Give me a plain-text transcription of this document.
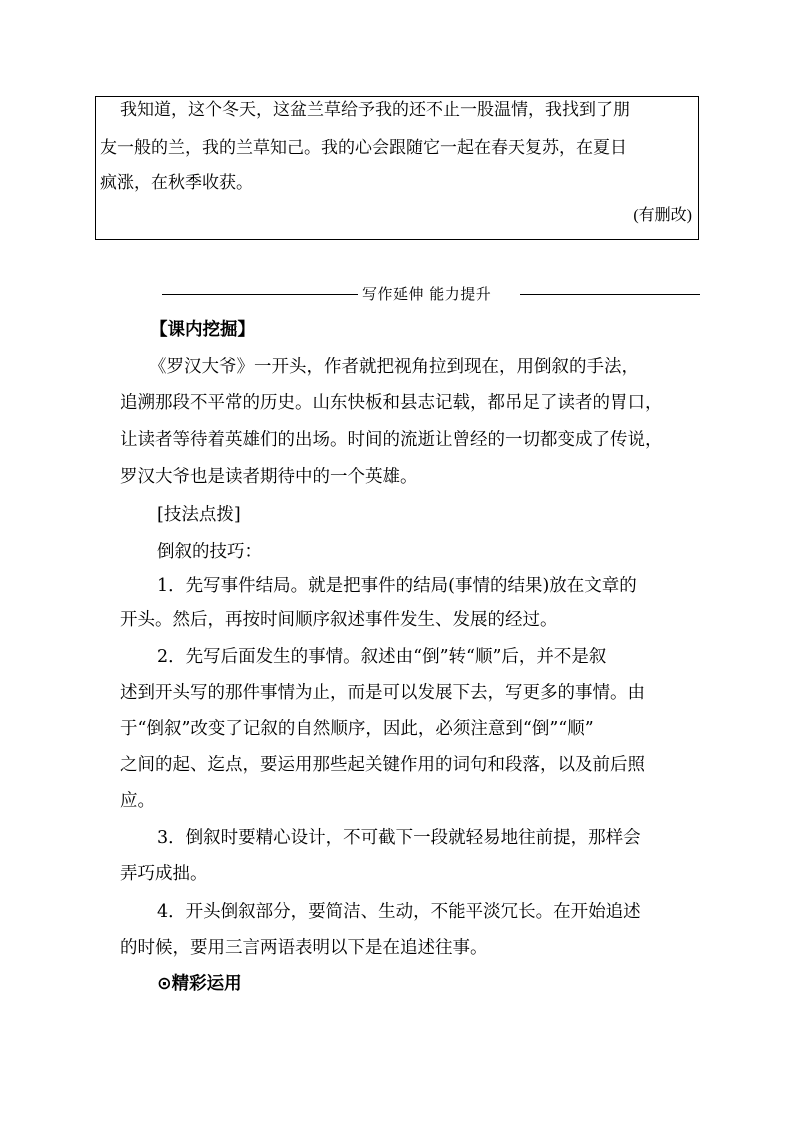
我知道，这个冬天，这盆兰草给予我的还不止一股温情，我找到了朋
友一般的兰，我的兰草知己。我的心会跟随它一起在春天复苏，在夏日
疯涨，在秋季收获。
(有删改)
写作延伸 能力提升
【课内挖掘】
《罗汉大爷》一开头，作者就把视角拉到现在，用倒叙的手法，
追溯那段不平常的历史。山东快板和县志记载，都吊足了读者的胃口，
让读者等待着英雄们的出场。时间的流逝让曾经的一切都变成了传说，
罗汉大爷也是读者期待中的一个英雄。
[技法点拨]
倒叙的技巧：
1．先写事件结局。就是把事件的结局(事情的结果)放在文章的
开头。然后，再按时间顺序叙述事件发生、发展的经过。
2．先写后面发生的事情。叙述由“倒”转“顺”后，并不是叙
述到开头写的那件事情为止，而是可以发展下去，写更多的事情。由
于“倒叙”改变了记叙的自然顺序，因此，必须注意到“倒”“顺”
之间的起、迄点，要运用那些起关键作用的词句和段落，以及前后照
应。
3．倒叙时要精心设计，不可截下一段就轻易地往前提，那样会
弄巧成拙。
4．开头倒叙部分，要简洁、生动，不能平淡冗长。在开始追述
的时候，要用三言两语表明以下是在追述往事。
⊙精彩运用
